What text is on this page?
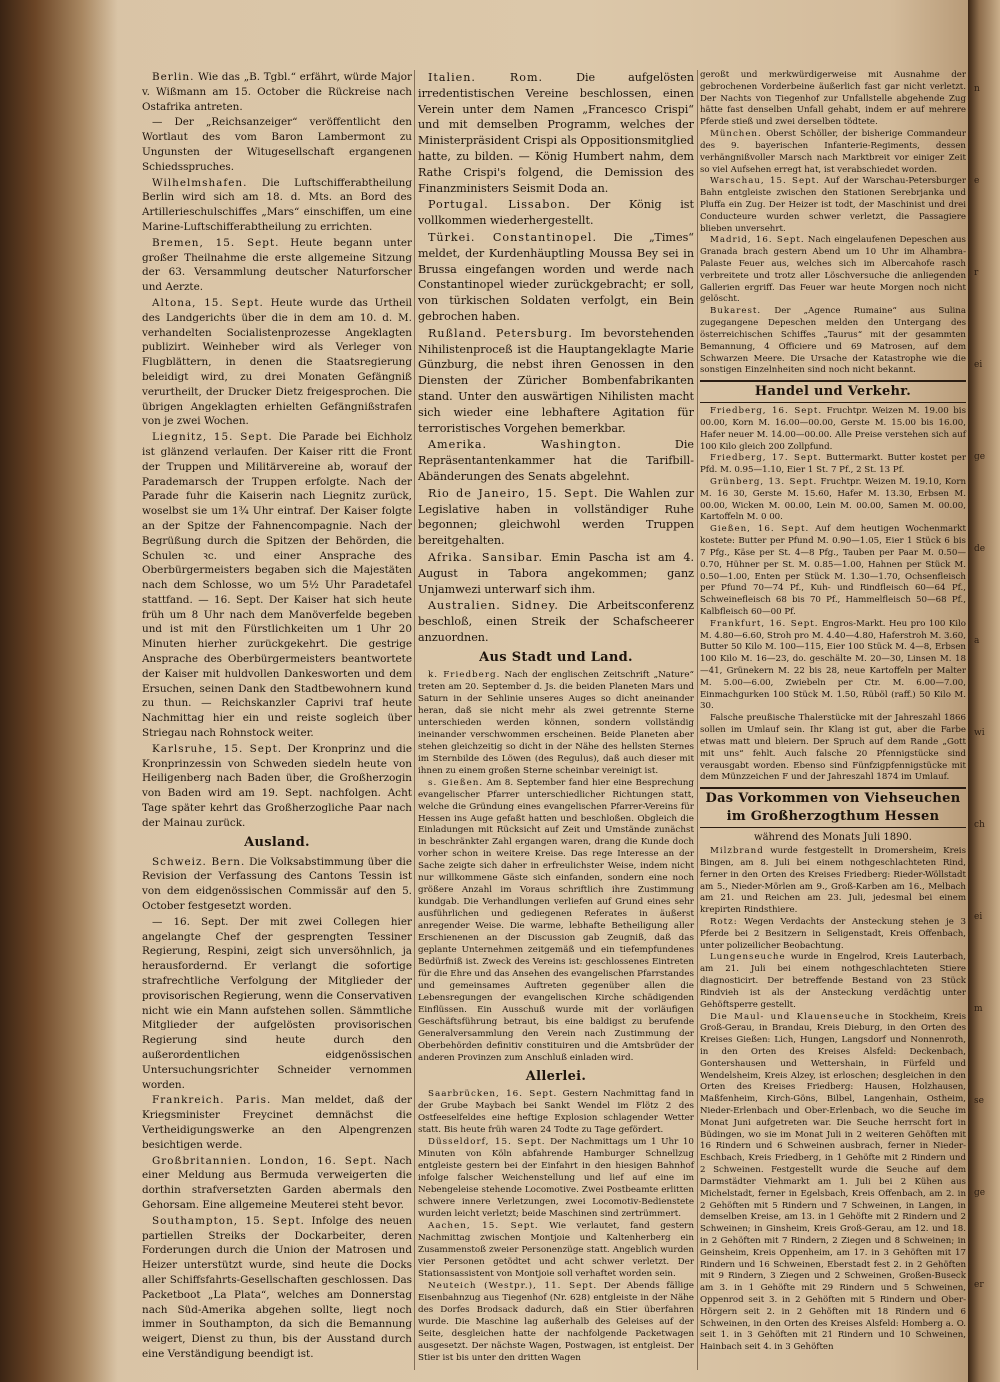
Berlin. Wie das „B. Tgbl.“ erfährt, würde Major v. Wißmann am 15. October die Rückreise nach Ostafrika antreten.

— Der „Reichsanzeiger“ veröffentlicht den Wortlaut des vom Baron Lambermont zu Ungunsten der Witugesellschaft ergangenen Schiedsspruches.

Wilhelmshafen. Die Luftschifferabtheilung Berlin wird sich am 18. d. Mts. an Bord des Artillerieschulschiffes „Mars“ einschiffen, um eine Marine-Luftschifferabtheilung zu errichten.

Bremen, 15. Sept. Heute begann unter großer Theilnahme die erste allgemeine Sitzung der 63. Versammlung deutscher Naturforscher und Aerzte.

Altona, 15. Sept. Heute wurde das Urtheil des Landgerichts über die in dem am 10. d. M. verhandelten Socialistenprozesse Angeklagten publizirt. Weinheber wird als Verleger von Flugblättern, in denen die Staatsregierung beleidigt wird, zu drei Monaten Gefängniß verurtheilt, der Drucker Dietz freigesprochen. Die übrigen Angeklagten erhielten Gefängnißstrafen von je zwei Wochen.

Liegnitz, 15. Sept. Die Parade bei Eichholz ist glänzend verlaufen. Der Kaiser ritt die Front der Truppen und Militärvereine ab, worauf der Parademarsch der Truppen erfolgte. Nach der Parade fuhr die Kaiserin nach Liegnitz zurück, woselbst sie um 1¾ Uhr eintraf. Der Kaiser folgte an der Spitze der Fahnencompagnie. Nach der Begrüßung durch die Spitzen der Behörden, die Schulen ꝛc. und einer Ansprache des Oberbürgermeisters begaben sich die Majestäten nach dem Schlosse, wo um 5½ Uhr Paradetafel stattfand. — 16. Sept. Der Kaiser hat sich heute früh um 8 Uhr nach dem Manöverfelde begeben und ist mit den Fürstlichkeiten um 1 Uhr 20 Minuten hierher zurückgekehrt. Die gestrige Ansprache des Oberbürgermeisters beantwortete der Kaiser mit huldvollen Dankesworten und dem Ersuchen, seinen Dank den Stadtbewohnern kund zu thun. — Reichskanzler Caprivi traf heute Nachmittag hier ein und reiste sogleich über Striegau nach Rohnstock weiter.

Karlsruhe, 15. Sept. Der Kronprinz und die Kronprinzessin von Schweden siedeln heute von Heiligenberg nach Baden über, die Großherzogin von Baden wird am 19. Sept. nachfolgen. Acht Tage später kehrt das Großherzogliche Paar nach der Mainau zurück.

Ausland.

Schweiz. Bern. Die Volksabstimmung über die Revision der Verfassung des Cantons Tessin ist von dem eidgenössischen Commissär auf den 5. October festgesetzt worden.

— 16. Sept. Der mit zwei Collegen hier angelangte Chef der gesprengten Tessiner Regierung, Respini, zeigt sich unversöhnlich, ja herausfordernd. Er verlangt die sofortige strafrechtliche Verfolgung der Mitglieder der provisorischen Regierung, wenn die Conservativen nicht wie ein Mann aufstehen sollen. Sämmtliche Mitglieder der aufgelösten provisorischen Regierung sind heute durch den außerordentlichen eidgenössischen Untersuchungsrichter Schneider vernommen worden.

Frankreich. Paris. Man meldet, daß der Kriegsminister Freycinet demnächst die Vertheidigungswerke an den Alpengrenzen besichtigen werde.

Großbritannien. London, 16. Sept. Nach einer Meldung aus Bermuda verweigerten die dorthin strafversetzten Garden abermals den Gehorsam. Eine allgemeine Meuterei steht bevor.

Southampton, 15. Sept. Infolge des neuen partiellen Streiks der Dockarbeiter, deren Forderungen durch die Union der Matrosen und Heizer unterstützt wurde, sind heute die Docks aller Schiffsfahrts-Gesellschaften geschlossen. Das Packetboot „La Plata“, welches am Donnerstag nach Süd-Amerika abgehen sollte, liegt noch immer in Southampton, da sich die Bemannung weigert, Dienst zu thun, bis der Ausstand durch eine Verständigung beendigt ist.

Italien. Rom.	Die aufgelösten irredentistischen Vereine beschlossen, einen Verein unter dem Namen „Francesco Crispi“ und mit demselben Programm, welches der Ministerpräsident Crispi als Oppositionsmitglied hatte, zu bilden. — König Humbert nahm, dem Rathe Crispi's folgend, die Demission des Finanzministers Seismit Doda an.

Portugal. Lissabon. Der König ist vollkommen wiederhergestellt.

Türkei. Constantinopel. Die „Times“ meldet, der Kurdenhäuptling Moussa Bey sei in Brussa eingefangen worden und werde nach Constantinopel wieder zurückgebracht; er soll, von türkischen Soldaten verfolgt, ein Bein gebrochen haben.

Rußland. Petersburg. Im bevorstehenden Nihilistenproceß ist die Hauptangeklagte Marie Günzburg, die nebst ihren Genossen in den Diensten der Züricher Bombenfabrikanten stand. Unter den auswärtigen Nihilisten macht sich wieder eine lebhaftere Agitation für terroristisches Vorgehen bemerkbar.

Amerika. Washington.	Die Repräsentantenkammer hat die Tarifbill-Abänderungen des Senats abgelehnt.

Rio de Janeiro, 15. Sept. Die Wahlen zur Legislative haben in vollständiger Ruhe begonnen; gleichwohl werden Truppen bereitgehalten.

Afrika. Sansibar. Emin Pascha ist am 4. August in Tabora angekommen; ganz Unjamwezi unterwarf sich ihm.

Australien. Sidney. Die Arbeitsconferenz beschloß, einen Streik der Schafscheerer anzuordnen.

Aus Stadt und Land.

k. Friedberg. Nach der englischen Zeitschrift „Nature“ treten am 20. September d. Js. die beiden Planeten Mars und Saturn in der Sehlinie unseres Auges so dicht aneinander heran, daß sie nicht mehr als zwei getrennte Sterne unterschieden werden können, sondern vollständig ineinander verschwommen erscheinen. Beide Planeten aber stehen gleichzeitig so dicht in der Nähe des hellsten Sternes im Sternbilde des Löwen (des Regulus), daß auch dieser mit ihnen zu einem großen Sterne scheinbar vereinigt ist.

s. Gießen. Am 8. September fand hier eine Besprechung evangelischer Pfarrer unterschiedlicher Richtungen statt, welche die Gründung eines evangelischen Pfarrer-Vereins für Hessen ins Auge gefaßt hatten und beschloßen. Obgleich die Einladungen mit Rücksicht auf Zeit und Umstände zunächst in beschränkter Zahl ergangen waren, drang die Kunde doch vorher schon in weitere Kreise. Das rege Interesse an der Sache zeigte sich daher in erfreulichster Weise, indem nicht nur willkommene Gäste sich einfanden, sondern eine noch größere Anzahl im Voraus schriftlich ihre Zustimmung kundgab. Die Verhandlungen verliefen auf Grund eines sehr ausführlichen und gediegenen Referates in äußerst anregender Weise. Die warme, lebhafte Betheiligung aller Erschienenen an der Discussion gab Zeugniß, daß das geplante Unternehmen zeitgemäß und ein tiefempfundenes Bedürfniß ist. Zweck des Vereins ist: geschlossenes Eintreten für die Ehre und das Ansehen des evangelischen Pfarrstandes und gemeinsames Auftreten gegenüber allen die Lebensregungen der evangelischen Kirche schädigenden Einflüssen. Ein Ausschuß wurde mit der vorläufigen Geschäftsführung betraut, bis eine baldigst zu berufende Generalversammlung den Verein nach Zustimmung der Oberbehörden definitiv constituiren und die Amtsbrüder der anderen Provinzen zum Anschluß einladen wird.

Allerlei.

Saarbrücken, 16. Sept. Gestern Nachmittag fand in der Grube Maybach bei Sankt Wendel im Flötz 2 des Ostfeeselfeldes eine heftige Explosion schlagender Wetter statt. Bis heute früh waren 24 Todte zu Tage gefördert.

Düsseldorf, 15. Sept. Der Nachmittags um 1 Uhr 10 Minuten von Köln abfahrende Hamburger Schnellzug entgleiste gestern bei der Einfahrt in den hiesigen Bahnhof infolge falscher Weichenstellung und lief auf eine im Nebengeleise stehende Locomotive. Zwei Postbeamte erlitten schwere innere Verletzungen, zwei Locomotiv-Bedienstete wurden leicht verletzt; beide Maschinen sind zertrümmert.

Aachen, 15. Sept. Wie verlautet, fand gestern Nachmittag zwischen Montjoie und Kaltenherberg ein Zusammenstoß zweier Personenzüge statt. Angeblich wurden vier Personen getödtet und acht schwer verletzt. Der Stationsassistent von Montjoie soll verhaftet worden sein.

Neuteich (Westpr.), 11. Sept. Der Abends fällige Eisenbahnzug aus Tiegenhof (Nr. 628) entgleiste in der Nähe des Dorfes Brodsack dadurch, daß ein Stier überfahren wurde. Die Maschine lag außerhalb des Geleises auf der Seite, desgleichen hatte der nachfolgende Packetwagen ausgesetzt. Der nächste Wagen, Postwagen, ist entgleist. Der Stier ist bis unter den dritten Wagen

geroßt und merkwürdigerweise mit Ausnahme der gebrochenen Vorderbeine äußerlich fast gar nicht verletzt. Der Nachts von Tiegenhof zur Unfallstelle abgehende Zug hätte fast denselben Unfall gehabt, indem er auf mehrere Pferde stieß und zwei derselben tödtete.

München. Oberst Schöller, der bisherige Commandeur des 9. bayerischen Infanterie-Regiments, dessen verhängnißvoller Marsch nach Marktbreit vor einiger Zeit so viel Aufsehen erregt hat, ist verabschiedet worden.

Warschau, 15. Sept. Auf der Warschau-Petersburger Bahn entgleiste zwischen den Stationen Serebrjanka und Pluffa ein Zug. Der Heizer ist todt, der Maschinist und drei Conducteure wurden schwer verletzt, die Passagiere blieben unversehrt.

Madrid, 16. Sept. Nach eingelaufenen Depeschen aus Granada brach gestern Abend um 10 Uhr im Alhambra-Palaste Feuer aus, welches sich im Albercahofe rasch verbreitete und trotz aller Löschversuche die anliegenden Gallerien ergriff. Das Feuer war heute Morgen noch nicht gelöscht.

Bukarest. Der „Agence Rumaine“ aus Sulina zugegangene Depeschen melden den Untergang des österreichischen Schiffes „Taurus“ mit der gesammten Bemannung, 4 Officiere und 69 Matrosen, auf dem Schwarzen Meere. Die Ursache der Katastrophe wie die sonstigen Einzelnheiten sind noch nicht bekannt.

Handel und Verkehr.

Friedberg, 16. Sept. Fruchtpr. Weizen M. 19.00 bis 00.00, Korn M. 16.00—00.00, Gerste M. 15.00 bis 16.00, Hafer neuer M. 14.00—00.00. Alle Preise verstehen sich auf 100 Kilo gleich 200 Zollpfund.

Friedberg, 17. Sept. Buttermarkt. Butter kostet per Pfd. M. 0.95—1.10, Eier 1 St. 7 Pf., 2 St. 13 Pf.

Grünberg, 13. Sept. Fruchtpr. Weizen M. 19.10, Korn M. 16 30, Gerste M. 15.60, Hafer M. 13.30, Erbsen M. 00.00, Wicken M. 00.00, Lein M. 00.00, Samen M. 00.00, Kartoffeln M. 0 00.

Gießen, 16. Sept. Auf dem heutigen Wochenmarkt kostete: Butter per Pfund M. 0.90—1.05, Eier 1 Stück 6 bis 7 Pfg., Käse per St. 4—8 Pfg., Tauben per Paar M. 0.50—0.70, Hühner per St. M. 0.85—1.00, Hahnen per Stück M. 0.50—1.00, Enten per Stück M. 1.30—1.70, Ochsenfleisch per Pfund 70—74 Pf., Kuh- und Rindfleisch 60—64 Pf., Schweinefleisch 68 bis 70 Pf., Hammelfleisch 50—68 Pf., Kalbfleisch 60—00 Pf.

Frankfurt, 16. Sept. Engros-Markt. Heu pro 100 Kilo M. 4.80—6.60, Stroh pro M. 4.40—4.80, Haferstroh M. 3.60, Butter 50 Kilo M. 100—115, Eier 100 Stück M. 4—8, Erbsen 100 Kilo M. 16—23, do. geschälte M. 20—30, Linsen M. 18—41, Grünekern M. 22 bis 28, neue Kartoffeln per Malter M. 5.00—6.00, Zwiebeln per Ctr. M. 6.00—7.00, Einmachgurken 100 Stück M. 1.50, Rüböl (raff.) 50 Kilo M. 30.

Falsche preußische Thalerstücke mit der Jahreszahl 1866 sollen im Umlauf sein. Ihr Klang ist gut, aber die Farbe etwas matt und bleiern. Der Spruch auf dem Rande „Gott mit uns“ fehlt. Auch falsche 20 Pfennigstücke sind verausgabt worden. Ebenso sind Fünfzigpfennigstücke mit dem Münzzeichen F und der Jahreszahl 1874 im Umlauf.

Das Vorkommen von Viehseuchen im Großherzogthum Hessen
während des Monats Juli 1890.

Milzbrand wurde festgestellt in Dromersheim, Kreis Bingen, am 8. Juli bei einem nothgeschlachteten Rind, ferner in den Orten des Kreises Friedberg: Rieder-Wöllstadt am 5., Nieder-Mörlen am 9., Groß-Karben am 16., Melbach am 21. und Reichen am 23. Juli, jedesmal bei einem krepirten Rindsthiere.

Rotz: Wegen Verdachts der Ansteckung stehen je 3 Pferde bei 2 Besitzern in Seligenstadt, Kreis Offenbach, unter polizeilicher Beobachtung.

Lungenseuche wurde in Engelrod, Kreis Lauterbach, am 21. Juli bei einem nothgeschlachteten Stiere diagnosticirt. Der betreffende Bestand von 23 Stück Rindvieh ist als der Ansteckung verdächtig unter Gehöftsperre gestellt.

Die Maul- und Klauenseuche in Stockheim, Kreis Groß-Gerau, in Brandau, Kreis Dieburg, in den Orten des Kreises Gießen: Lich, Hungen, Langsdorf und Nonnenroth, in den Orten des Kreises Alsfeld: Deckenbach, Gontershausen und Wettershain, in Fürfeld und Wendelsheim, Kreis Alzey, ist erloschen; desgleichen in den Orten des Kreises Friedberg: Hausen, Holzhausen, Maßfenheim, Kirch-Göns, Bilbel, Langenhain, Ostheim, Nieder-Erlenbach und Ober-Erlenbach, wo die Seuche im Monat Juni aufgetreten war. Die Seuche herrscht fort in Büdingen, wo sie im Monat Juli in 2 weiteren Gehöften mit 16 Rindern und 6 Schweinen ausbrach, ferner in Nieder-Eschbach, Kreis Friedberg, in 1 Gehöfte mit 2 Rindern und 2 Schweinen. Festgestellt wurde die Seuche auf dem Darmstädter Viehmarkt am 1. Juli bei 2 Kühen aus Michelstadt, ferner in Egelsbach, Kreis Offenbach, am 2. in 2 Gehöften mit 5 Rindern und 7 Schweinen, in Langen, in demselben Kreise, am 13. in 1 Gehöfte mit 2 Rindern und 2 Schweinen; in Ginsheim, Kreis Groß-Gerau, am 12. und 18. in 2 Gehöften mit 7 Rindern, 2 Ziegen und 8 Schweinen; in Geinsheim, Kreis Oppenheim, am 17. in 3 Gehöften mit 17 Rindern und 16 Schweinen, Eberstadt fest 2. in 2 Gehöften mit 9 Rindern, 3 Ziegen und 2 Schweinen, Großen-Buseck am 3. in 1 Gehöfte mit 29 Rindern und 5 Schweinen, Oppenrod seit 3. in 2 Gehöften mit 5 Rindern und Ober-Hörgern seit 2. in 2 Gehöften mit 18 Rindern und 6 Schweinen, in den Orten des Kreises Alsfeld: Homberg a. O. seit 1. in 3 Gehöften mit 21 Rindern und 10 Schweinen, Hainbach seit 4. in 3 Gehöften

n
e
r
ei
ge
de
a
wi
ch
ei
m
se
ge
er
